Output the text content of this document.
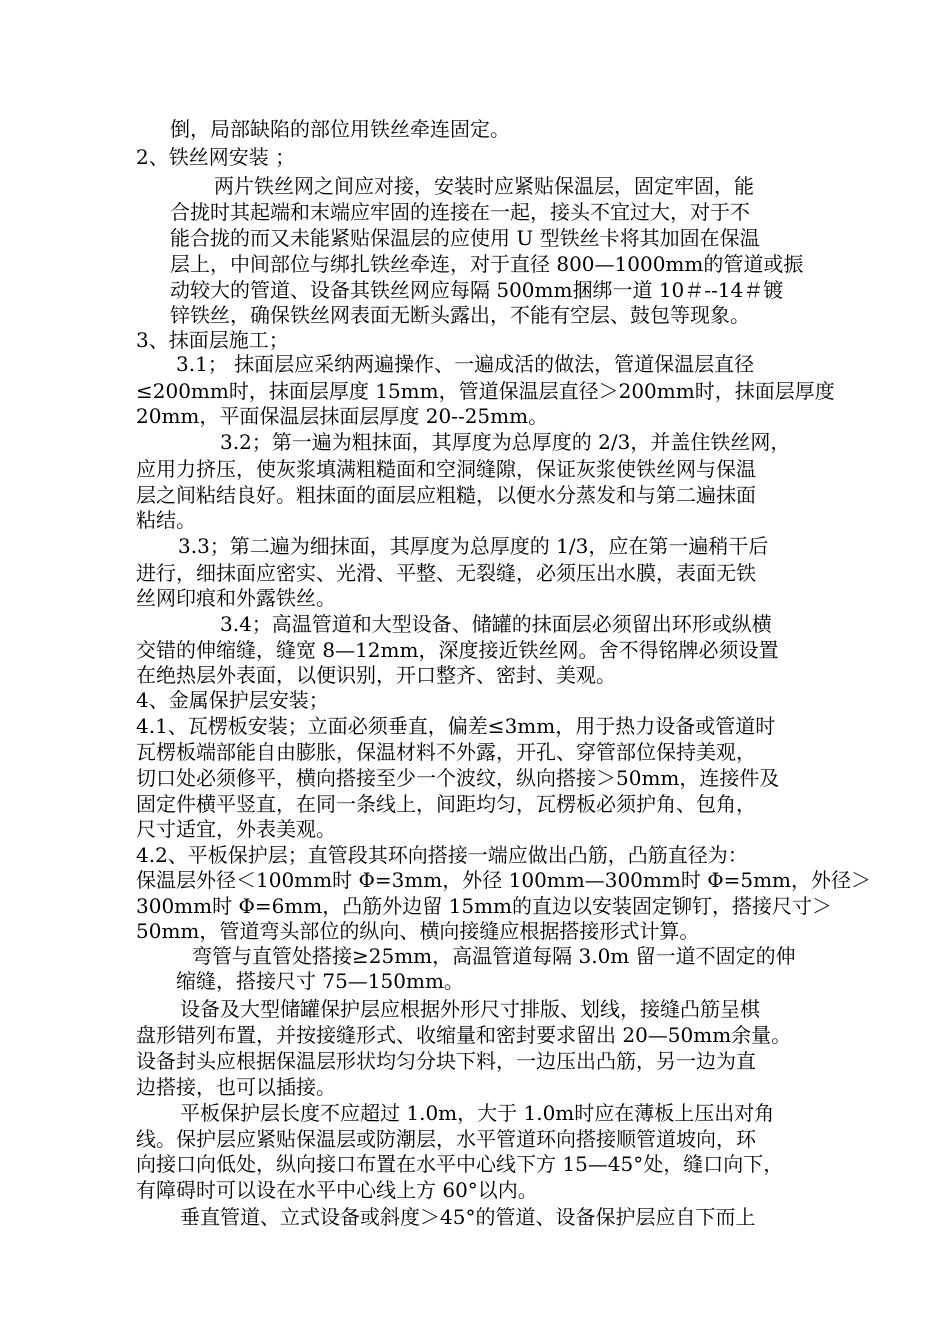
倒，局部缺陷的部位用铁丝牵连固定。
2、铁丝网安装 ；
两片铁丝网之间应对接，安装时应紧贴保温层，固定牢固，能
合拢时其起端和末端应牢固的连接在一起，接头不宜过大，对于不
能合拢的而又未能紧贴保温层的应使用 U 型铁丝卡将其加固在保温
层上，中间部位与绑扎铁丝牵连，对于直径 800—1000mm的管道或振
动较大的管道、设备其铁丝网应每隔 500mm捆绑一道 10＃--14＃镀
锌铁丝，确保铁丝网表面无断头露出，不能有空层、鼓包等现象。
3、抹面层施工；
3.1； 抹面层应采纳两遍操作、一遍成活的做法，管道保温层直径
≤200mm时，抹面层厚度 15mm，管道保温层直径＞200mm时，抹面层厚度
20mm，平面保温层抹面层厚度 20--25mm。
3.2；第一遍为粗抹面，其厚度为总厚度的 2/3，并盖住铁丝网，
应用力挤压，使灰浆填满粗糙面和空洞缝隙，保证灰浆使铁丝网与保温
层之间粘结良好。粗抹面的面层应粗糙，以便水分蒸发和与第二遍抹面
粘结。
3.3；第二遍为细抹面，其厚度为总厚度的 1/3，应在第一遍稍干后
进行，细抹面应密实、光滑、平整、无裂缝，必须压出水膜，表面无铁
丝网印痕和外露铁丝。
3.4；高温管道和大型设备、储罐的抹面层必须留出环形或纵横
交错的伸缩缝，缝宽 8—12mm，深度接近铁丝网。舍不得铭牌必须设置
在绝热层外表面，以便识别，开口整齐、密封、美观。
4、金属保护层安装；
4.1、瓦楞板安装；立面必须垂直，偏差≤3mm，用于热力设备或管道时
瓦楞板端部能自由膨胀，保温材料不外露，开孔、穿管部位保持美观，
切口处必须修平，横向搭接至少一个波纹，纵向搭接＞50mm，连接件及
固定件横平竖直，在同一条线上，间距均匀，瓦楞板必须护角、包角，
尺寸适宜，外表美观。
4.2、平板保护层；直管段其环向搭接一端应做出凸筋，凸筋直径为：
保温层外径＜100mm时 Φ=3mm，外径 100mm—300mm时 Φ=5mm，外径＞
300mm时 Φ=6mm，凸筋外边留 15mm的直边以安装固定铆钉，搭接尺寸＞
50mm，管道弯头部位的纵向、横向接缝应根据搭接形式计算。
弯管与直管处搭接≥25mm，高温管道每隔 3.0m 留一道不固定的伸
缩缝，搭接尺寸 75—150mm。
设备及大型储罐保护层应根据外形尺寸排版、划线，接缝凸筋呈棋
盘形错列布置，并按接缝形式、收缩量和密封要求留出 20—50mm余量。
设备封头应根据保温层形状均匀分块下料，一边压出凸筋，另一边为直
边搭接，也可以插接。
平板保护层长度不应超过 1.0m，大于 1.0m时应在薄板上压出对角
线。保护层应紧贴保温层或防潮层，水平管道环向搭接顺管道坡向，环
向接口向低处，纵向接口布置在水平中心线下方 15—45°处，缝口向下，
有障碍时可以设在水平中心线上方 60°以内。
垂直管道、立式设备或斜度＞45°的管道、设备保护层应自下而上
